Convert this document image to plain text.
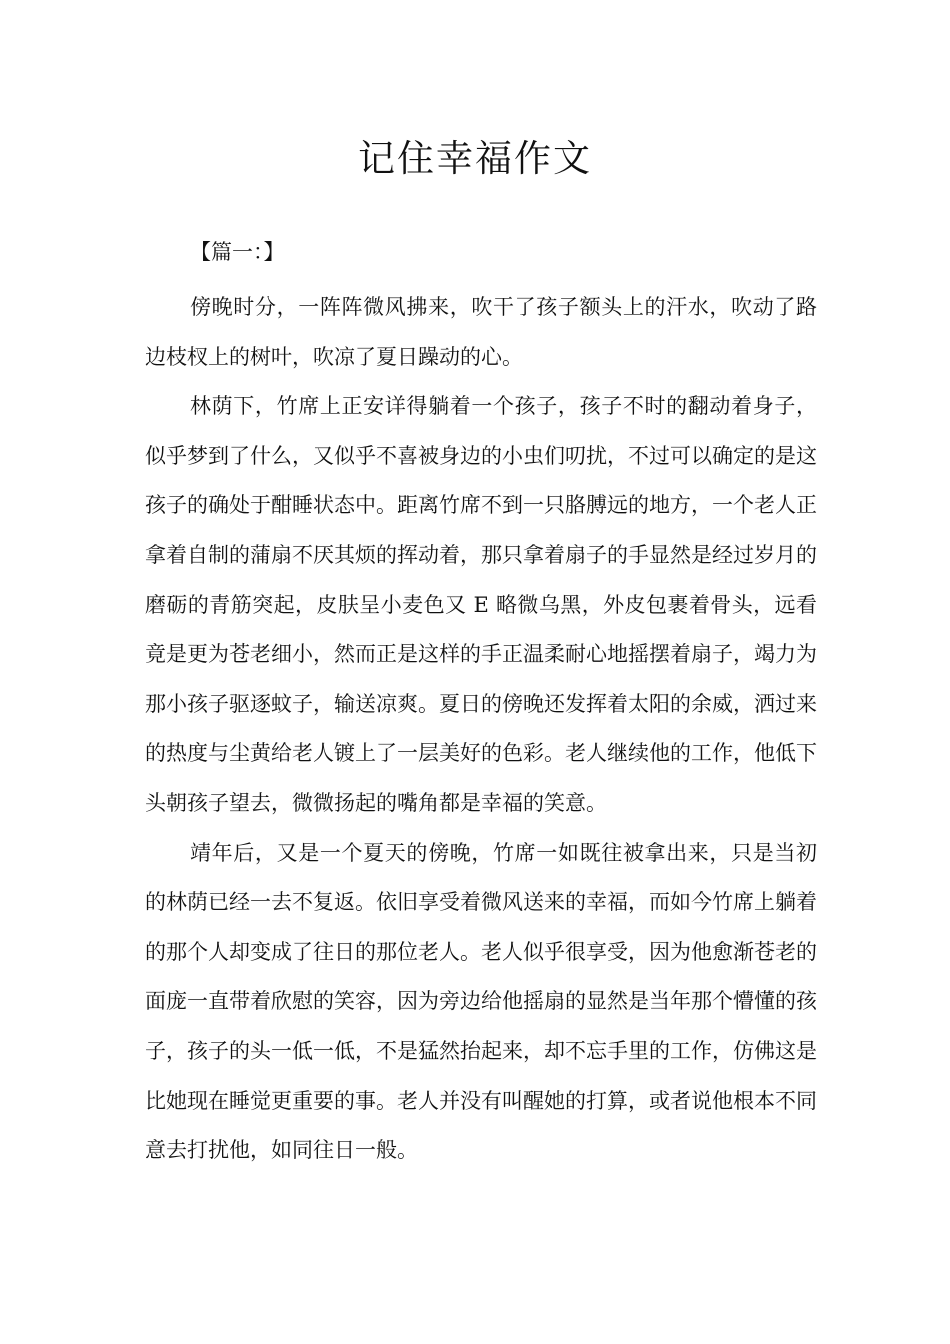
记住幸福作文

【篇一：】

傍晚时分，一阵阵微风拂来，吹干了孩子额头上的汗水，吹动了路边枝杈上的树叶，吹凉了夏日躁动的心。

林荫下，竹席上正安详得躺着一个孩子，孩子不时的翻动着身子，似乎梦到了什么，又似乎不喜被身边的小虫们叨扰，不过可以确定的是这孩子的确处于酣睡状态中。距离竹席不到一只胳膊远的地方，一个老人正拿着自制的蒲扇不厌其烦的挥动着，那只拿着扇子的手显然是经过岁月的磨砺的青筋突起，皮肤呈小麦色又 E 略微乌黑，外皮包裹着骨头，远看竟是更为苍老细小，然而正是这样的手正温柔耐心地摇摆着扇子，竭力为那小孩子驱逐蚊子，输送凉爽。夏日的傍晚还发挥着太阳的余威，洒过来的热度与尘黄给老人镀上了一层美好的色彩。老人继续他的工作，他低下头朝孩子望去，微微扬起的嘴角都是幸福的笑意。

靖年后，又是一个夏天的傍晚，竹席一如既往被拿出来，只是当初的林荫已经一去不复返。依旧享受着微风送来的幸福，而如今竹席上躺着的那个人却变成了往日的那位老人。老人似乎很享受，因为他愈渐苍老的面庞一直带着欣慰的笑容，因为旁边给他摇扇的显然是当年那个懵懂的孩子，孩子的头一低一低，不是猛然抬起来，却不忘手里的工作，仿佛这是比她现在睡觉更重要的事。老人并没有叫醒她的打算，或者说他根本不同意去打扰他，如同往日一般。
